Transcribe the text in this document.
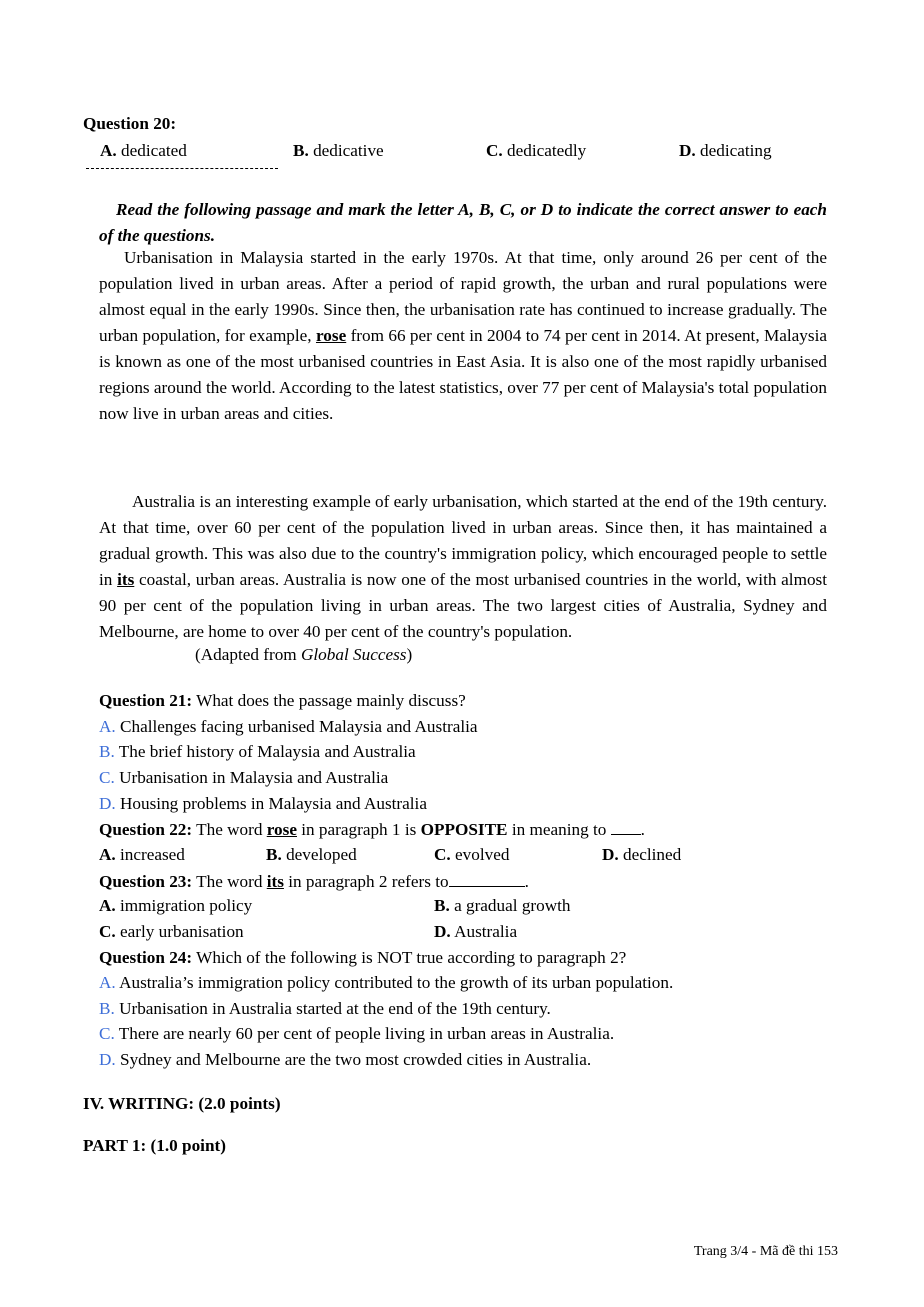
Question 20:
A. dedicated	B. dedicative	C. dedicatedly	D. dedicating
Read the following passage and mark the letter A, B, C, or D to indicate the correct answer to each of the questions.

Urbanisation in Malaysia started in the early 1970s. At that time, only around 26 per cent of the population lived in urban areas. After a period of rapid growth, the urban and rural populations were almost equal in the early 1990s. Since then, the urbanisation rate has continued to increase gradually. The urban population, for example, rose from 66 per cent in 2004 to 74 per cent in 2014. At present, Malaysia is known as one of the most urbanised countries in East Asia. It is also one of the most rapidly urbanised regions around the world. According to the latest statistics, over 77 per cent of Malaysia's total population now live in urban areas and cities.

Australia is an interesting example of early urbanisation, which started at the end of the 19th century. At that time, over 60 per cent of the population lived in urban areas. Since then, it has maintained a gradual growth. This was also due to the country's immigration policy, which encouraged people to settle in its coastal, urban areas. Australia is now one of the most urbanised countries in the world, with almost 90 per cent of the population living in urban areas. The two largest cities of Australia, Sydney and Melbourne, are home to over 40 per cent of the country's population.

(Adapted from Global Success)
Question 21: What does the passage mainly discuss?
A. Challenges facing urbanised Malaysia and Australia
B. The brief history of Malaysia and Australia
C. Urbanisation in Malaysia and Australia
D. Housing problems in Malaysia and Australia
Question 22: The word rose in paragraph 1 is OPPOSITE in meaning to .
A. increased	B. developed	C. evolved	D. declined
Question 23: The word its in paragraph 2 refers to	.
A. immigration policy	B. a gradual growth
C. early urbanisation	D. Australia
Question 24: Which of the following is NOT true according to paragraph 2?
A. Australia’s immigration policy contributed to the growth of its urban population.
B. Urbanisation in Australia started at the end of the 19th century.
C. There are nearly 60 per cent of people living in urban areas in Australia.
D. Sydney and Melbourne are the two most crowded cities in Australia.
IV. WRITING: (2.0 points)
PART 1: (1.0 point)
Trang 3/4 - Mã đề thi 153
